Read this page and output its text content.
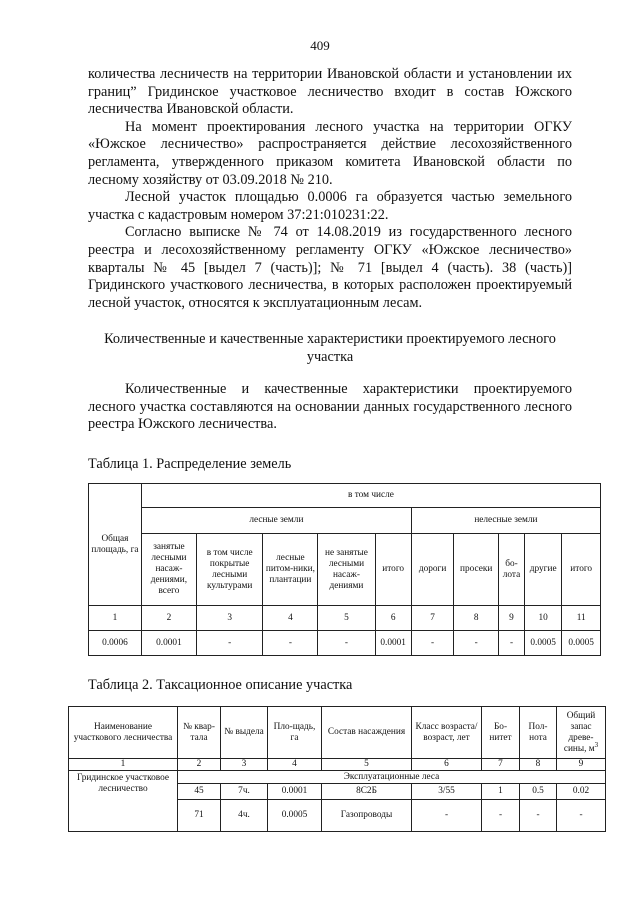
409

количества лесничеств на территории Ивановской области и установлении их границ” Гридинское участковое лесничество входит в состав Южского лесничества Ивановской области.

На момент проектирования лесного участка на территории ОГКУ «Южское лесничество» распространяется действие лесохозяйственного регламента, утвержденного приказом комитета Ивановской области по лесному хозяйству от 03.09.2018 № 210.

Лесной участок площадью 0.0006 га образуется частью земельного участка с кадастровым номером 37:21:010231:22.

Согласно выписке № 74 от 14.08.2019 из государственного лесного реестра и лесохозяйственному регламенту ОГКУ «Южское лесничество» кварталы № 45 [выдел 7 (часть)]; № 71 [выдел 4 (часть). 38 (часть)] Гридинского участкового лесничества, в которых расположен проектируемый лесной участок, относятся к эксплуатационным лесам.

Количественные и качественные характеристики проектируемого лесного участка

Количественные и качественные характеристики проектируемого лесного участка составляются на основании данных государственного лесного реестра Южского лесничества.

Таблица 1. Распределение земель
Общая площадь, га	в том числе									
	лесные земли					нелесные земли				
	занятые лесными насаж-дениями, всего	в том числе покрытые лесными культурами	лесные питом-ники, плантации	не занятые лесными насаж-дениями	итого	дороги	просеки	бо-лота	другие	итого
1	2	3	4	5	6	7	8	9	10	11
0.0006	0.0001	-	-	-	0.0001	-	-	-	0.0005	0.0005
Таблица 2. Таксационное описание участка
Наименование участкового лесничества	№ квар-тала	№ выдела	Пло-щадь, га	Состав насаждения	Класс возраста/ возраст, лет	Бо-нитет	Пол-нота	Общий запас древе-сины, $м^3$
1	2	3	4	5	6	7	8	9
Гридинское участковое лесничество	Эксплуатационные леса							
	45	7ч.	0.0001	8С2Б	3/55	1	0.5	0.02
	71	4ч.	0.0005	Газопроводы	-	-	-	-
